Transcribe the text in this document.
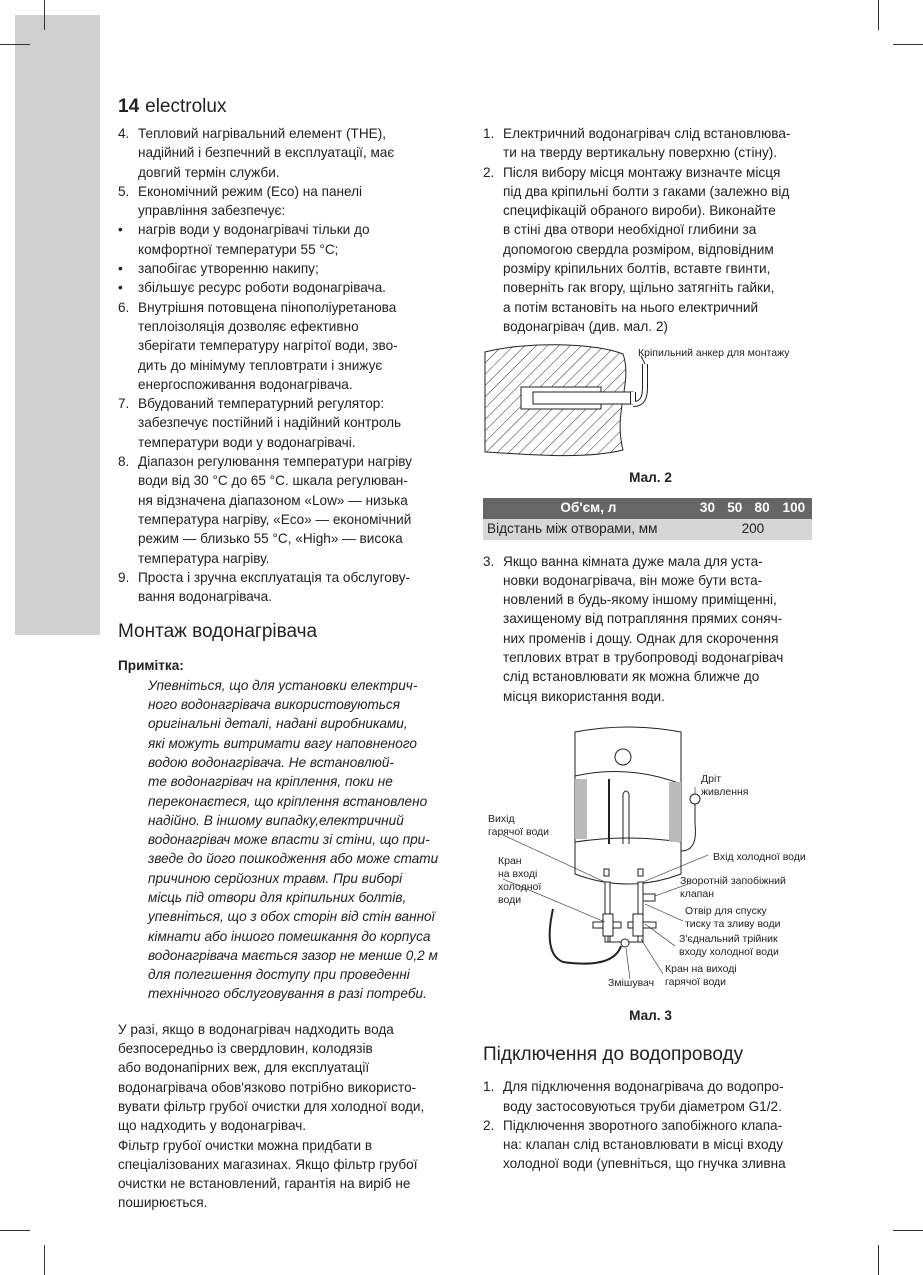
14 electrolux
4. Тепловий нагрівальний елемент (ТНЕ),
надійний і безпечний в експлуатації, має
довгий термін служби.
5. Економічний режим (Eco) на панелі
управління забезпечує:
•	нагрів води у водонагрівачі тільки до
комфортної температури 55 °C;
•	запобігає утворенню накипу;
•	збільшує ресурс роботи водонагрівача.
6. Внутрішня потовщена пінополіуретанова
теплоізоляція дозволяє ефективно
зберігати температуру нагрітої води, зво-
дить до мінімуму тепловтрати і знижує
енергоспоживання водонагрівача.
7. Вбудований температурний регулятор:
забезпечує постійний і надійний контроль
температури води у водонагрівачі.
8. Діапазон регулювання температури нагріву
води від 30 °C до 65 °C. шкала регулюван-
ня відзначена діапазоном «Low» — низька
температура нагріву, «Eco» — економічний
режим — близько 55 °C, «High» — висока
температура нагріву.
9. Проста і зручна експлуатація та обслугову-
вання водонагрівача.
Монтаж водонагрівача
Примітка:
Упевніться, що для установки електрич-
ного водонагрівача використовуються
оригінальні деталі, надані виробниками,
які можуть витримати вагу наповненого
водою водонагрівача. Не встановлюй-
те водонагрівач на кріплення, поки не
переконаєтеся, що кріплення встановлено
надійно. В іншому випадку,електричний
водонагрівач може впасти зі стіни, що при-
зведе до його пошкодження або може стати
причиною серйозних травм. При виборі
місць під отвори для кріпильних болтів,
упевніться, що з обох сторін від стін ванної
кімнати або іншого помешкання до корпуса
водонагрівача мається зазор не менше 0,2 м
для полегшення доступу при проведенні
технічного обслуговування в разі потреби.
У разі, якщо в водонагрівач надходить вода
безпосередньо із свердловин, колодязів
або водонапірних веж, для експлуатації
водонагрівача обов'язково потрібно використо-
вувати фільтр грубої очистки для холодної води,
що надходить у водонагрівач.
Фільтр грубої очистки можна придбати в
спеціалізованих магазинах. Якщо фільтр грубої
очистки не встановлений, гарантія на виріб не
поширюється.
1. Електричний водонагрівач слід встановлюва-
ти на тверду вертикальну поверхню (стіну).
2. Після вибору місця монтажу визначте місця
під два кріпильні болти з гаками (залежно від
специфікацій обраного вироби). Виконайте
в стіні два отвори необхідної глибини за
допомогою свердла розміром, відповідним
розміру кріпильних болтів, вставте гвинти,
поверніть гак вгору, щільно затягніть гайки,
а потім встановіть на нього електричний
водонагрівач (див. мал. 2)
Кріпильний анкер для монтажу
Мал. 2
Об'єм, л	30	50	80	100
Відстань між отворами, мм	200			
3. Якщо ванна кімната дуже мала для уста-
новки водонагрівача, він може бути вста-
новлений в будь-якому іншому приміщенні,
захищеному від потрапляння прямих соняч-
них променів і дощу. Однак для скорочення
теплових втрат в трубопроводі водонагрівач
слід встановлювати як можна ближче до
місця використання води.
Дріт
живлення
Вихід
гарячої води
Вхід холодної води
Кран
на вході
холодної
води
Зворотній запобіжний
клапан
Отвір для спуску
тиску та зливу води
З'єднальний трійник
входу холодної води
Кран на виході
гарячої води
Змішувач
Мал. 3
Підключення до водопроводу
1. Для підключення водонагрівача до водопро-
воду застосовуються труби діаметром G1/2.
2. Підключення зворотного запобіжного клапа-
на: клапан слід встановлювати в місці входу
холодної води (упевніться, що гнучка зливна
